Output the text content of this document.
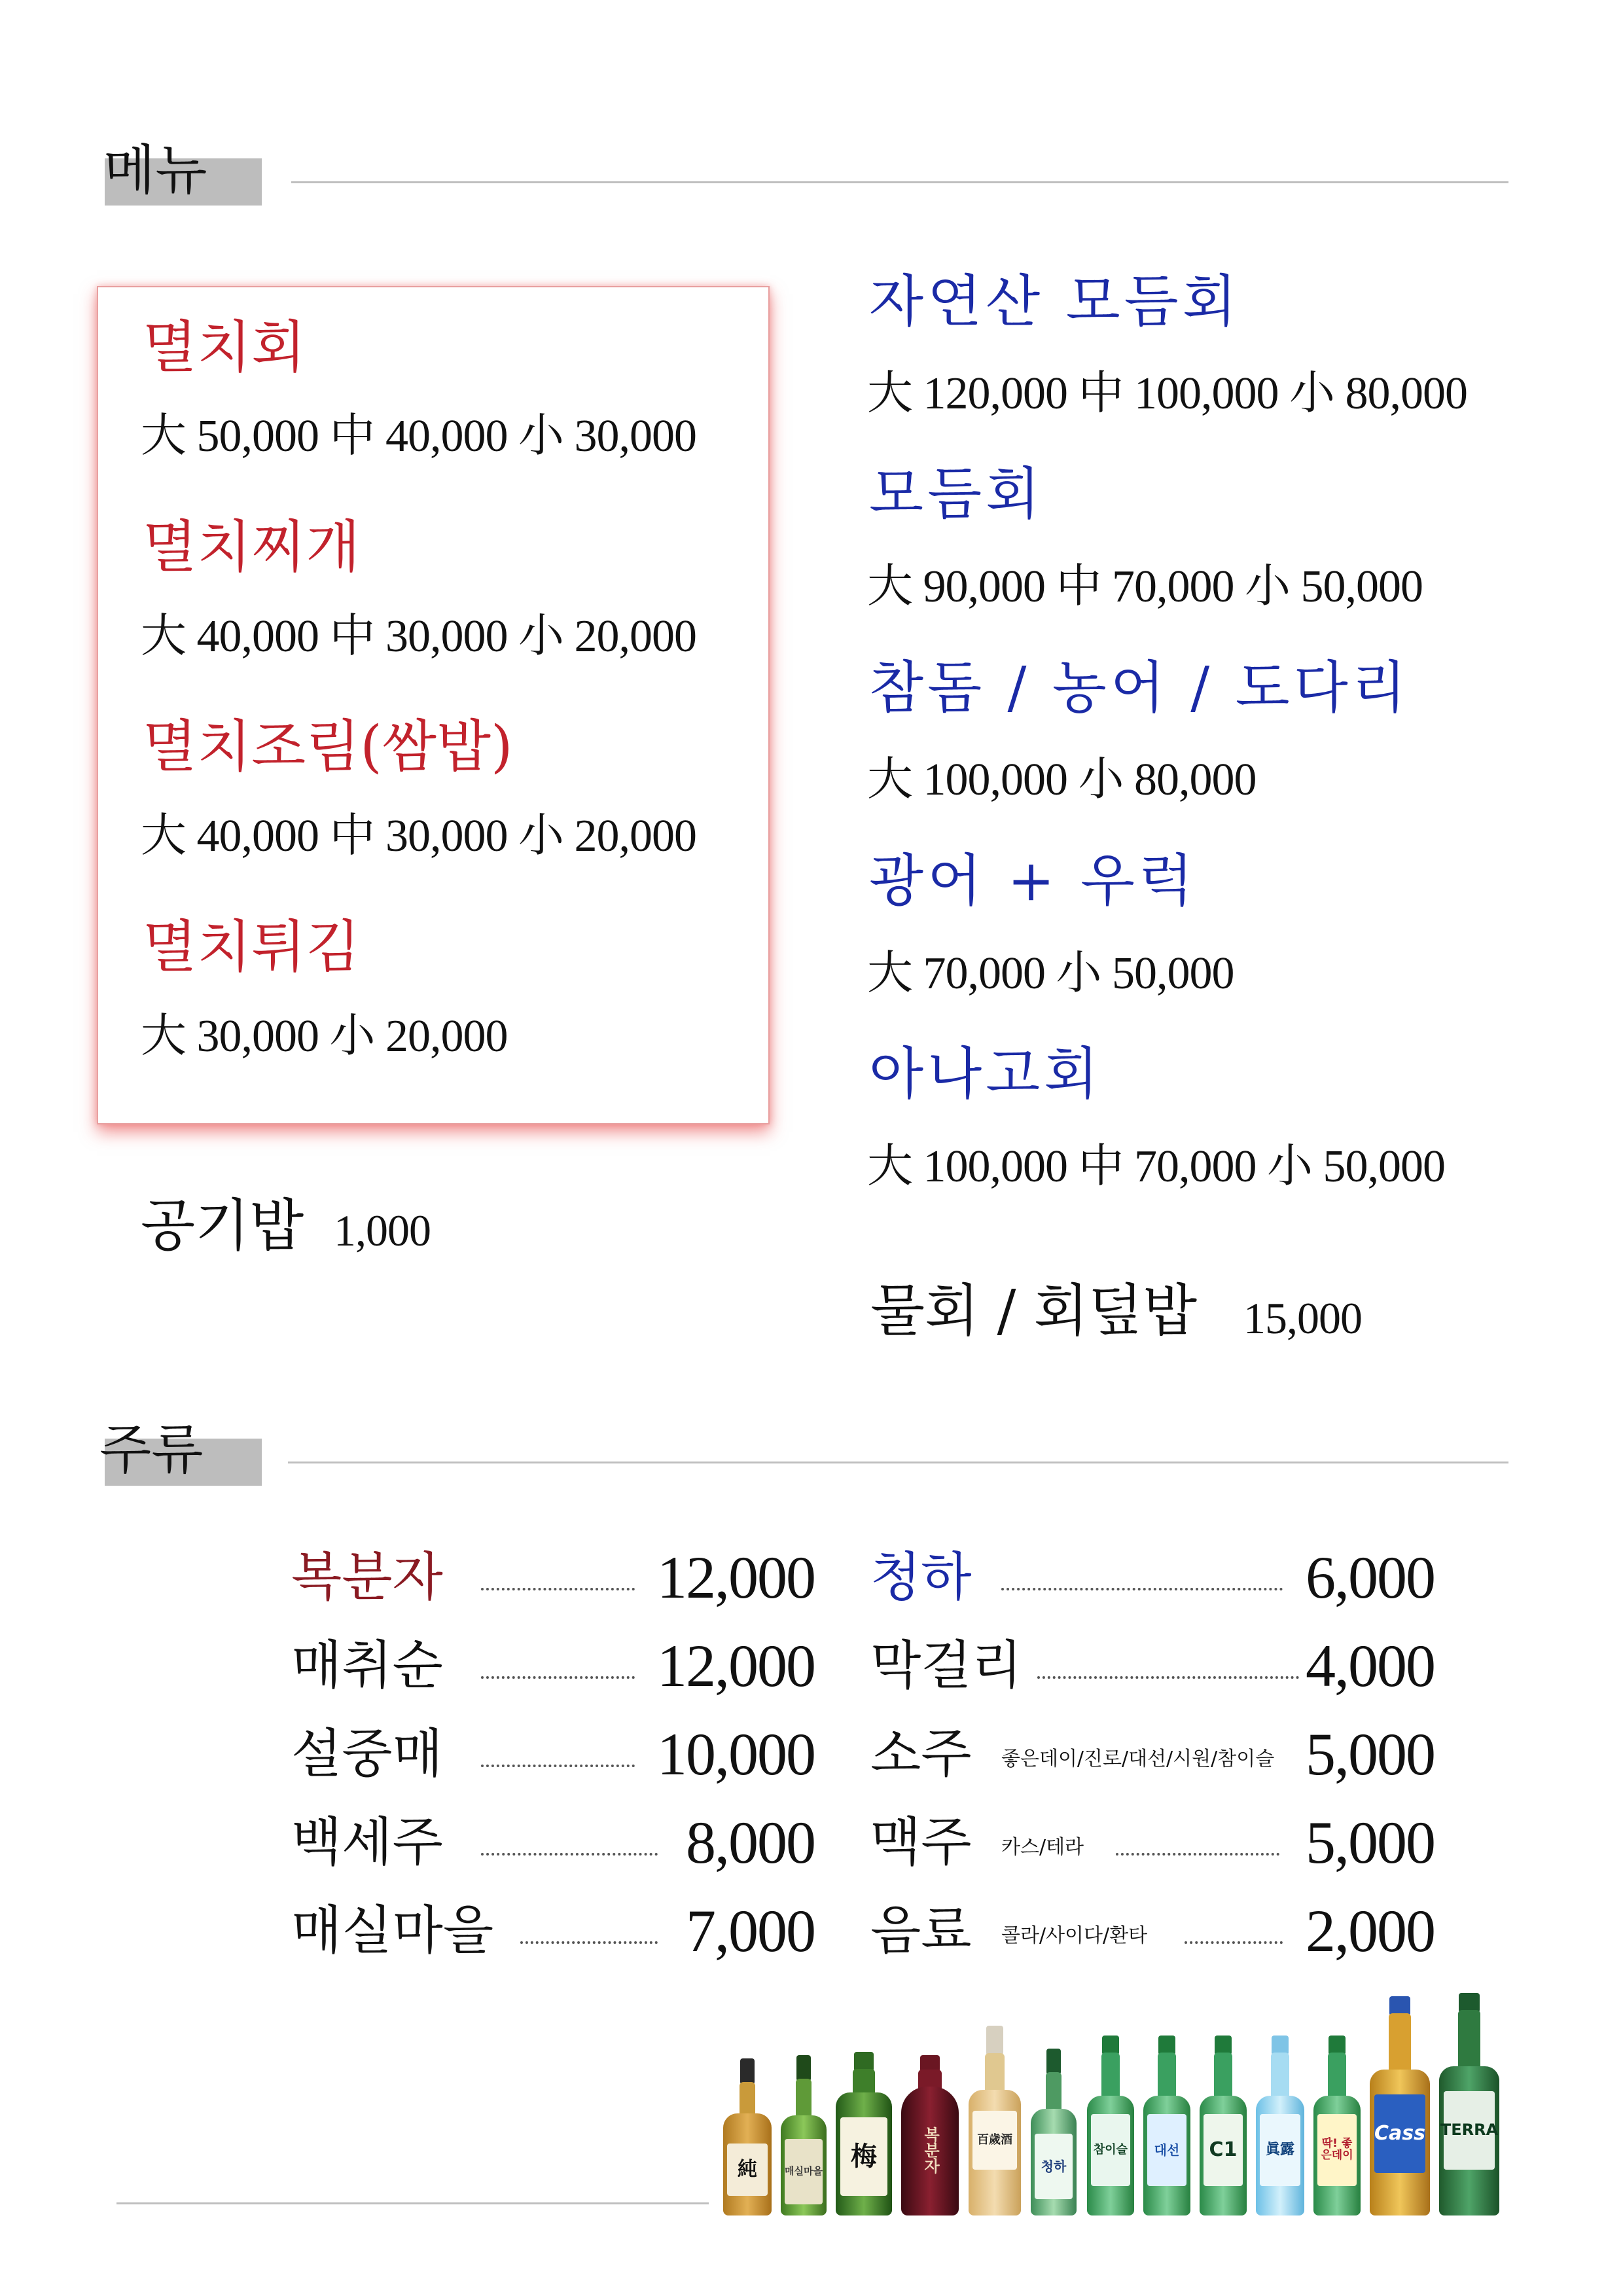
메뉴
멸치회
大 50,000 中 40,000 小 30,000
멸치찌개
大 40,000 中 30,000 小 20,000
멸치조림(쌈밥)
大 40,000 中 30,000 小 20,000
멸치튀김
大 30,000 小 20,000
공기밥 1,000
자연산 모듬회
大 120,000 中 100,000 小 80,000
모듬회
大 90,000 中 70,000 小 50,000
참돔 / 농어 / 도다리
大 100,000 小 80,000
광어 + 우럭
大 70,000 小 50,000
아나고회
大 100,000 中 70,000 小 50,000
물회 / 회덮밥 15,000
주류
복분자	12,000
매취순	12,000
설중매	10,000
백세주	8,000
매실마을	7,000
청하	6,000
막걸리	4,000
소주 좋은데이/진로/대선/시원/참이슬 5,000
맥주 카스/테라	5,000
음료 콜라/사이다/환타	2,000
純	매실마을	梅	복분자	百歲酒
청하
참이슬	대선	C1	眞露	딱! 좋은데이
Cass TERRA
